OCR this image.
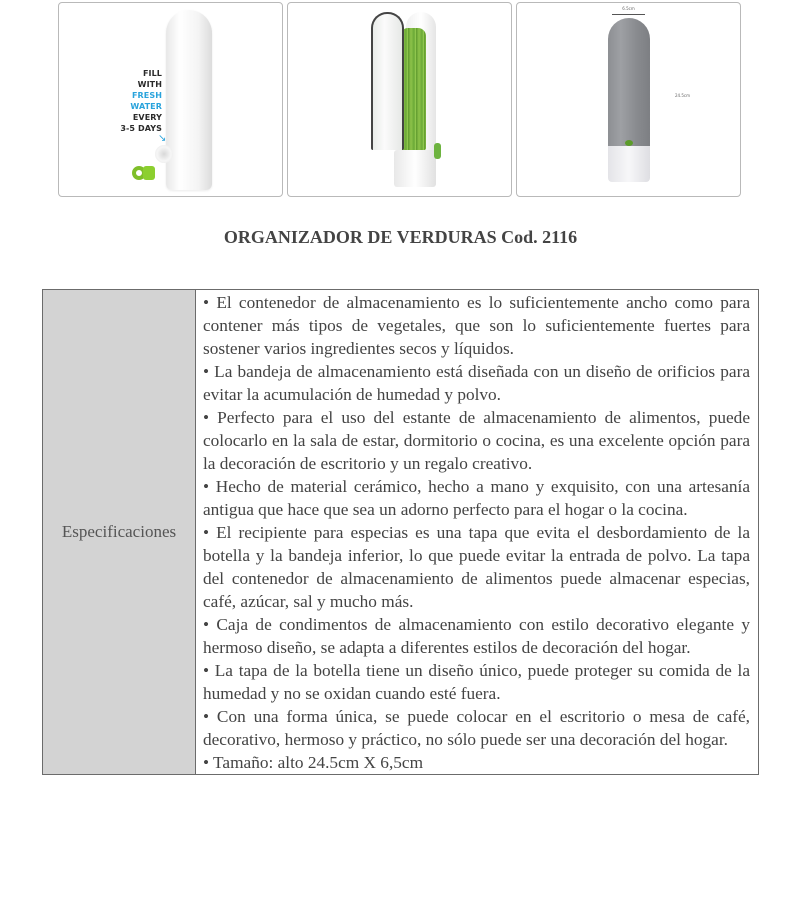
FILL
WITH
FRESH
WATER
EVERY
3-5 DAYS
↘
6.5cm
24.5cm
ORGANIZADOR DE VERDURAS Cod. 2116
Especificaciones	
• El contenedor de almacenamiento es lo suficientemente ancho como para contener más tipos de vegetales, que son lo suficientemente fuertes para sostener varios ingredientes secos y líquidos.
• La bandeja de almacenamiento está diseñada con un diseño de orificios para evitar la acumulación de humedad y polvo.
• Perfecto para el uso del estante de almacenamiento de alimentos, puede colocarlo en la sala de estar, dormitorio o cocina, es una excelente opción para la decoración de escritorio y un regalo creativo.
• Hecho de material cerámico, hecho a mano y exquisito, con una artesanía antigua que hace que sea un adorno perfecto para el hogar o la cocina.
• El recipiente para especias es una tapa que evita el desbordamiento de la botella y la bandeja inferior, lo que puede evitar la entrada de polvo. La tapa del contenedor de almacenamiento de alimentos puede almacenar especias, café, azúcar, sal y mucho más.
• Caja de condimentos de almacenamiento con estilo decorativo elegante y hermoso diseño, se adapta a diferentes estilos de decoración del hogar.
• La tapa de la botella tiene un diseño único, puede proteger su comida de la humedad y no se oxidan cuando esté fuera.
• Con una forma única, se puede colocar en el escritorio o mesa de café, decorativo, hermoso y práctico, no sólo puede ser una decoración del hogar.
• Tamaño: alto 24.5cm X 6,5cm
